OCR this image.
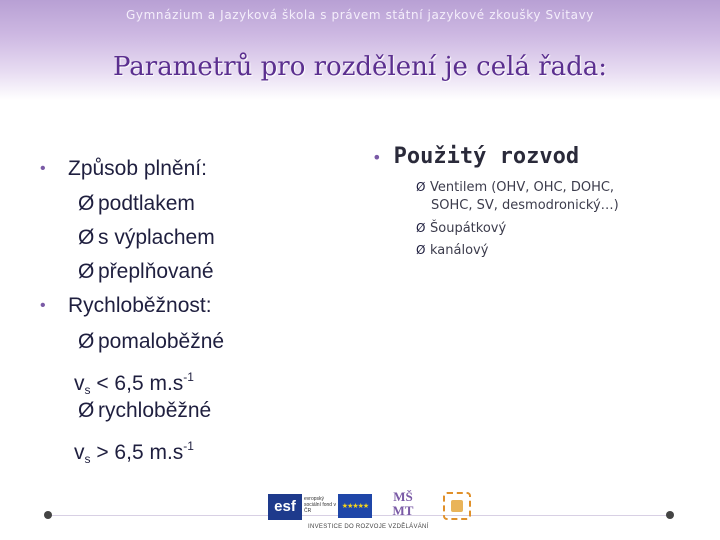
Gymnázium a Jazyková škola s právem státní jazykové zkoušky Svitavy
Parametrů pro rozdělení je celá řada:
• Způsob plnění:
Ø podtlakem
Ø s výplachem
Ø přeplňované
• Rychloběžnost:
Ø pomaloběžné
$v_s < 6,5$ $m.s^{-1}$
Ø rychloběžné
$v_s > 6,5$ $m.s^{-1}$
• Použitý rozvod
Ø Ventilem (OHV, OHC, DOHC,
SOHC, SV, desmodronický…)
Ø Šoupátkový
Ø kanálový
esf	evropský sociální fond v ČR
★★★★★
MŠ MT
INVESTICE DO ROZVOJE VZDĚLÁVÁNÍ
